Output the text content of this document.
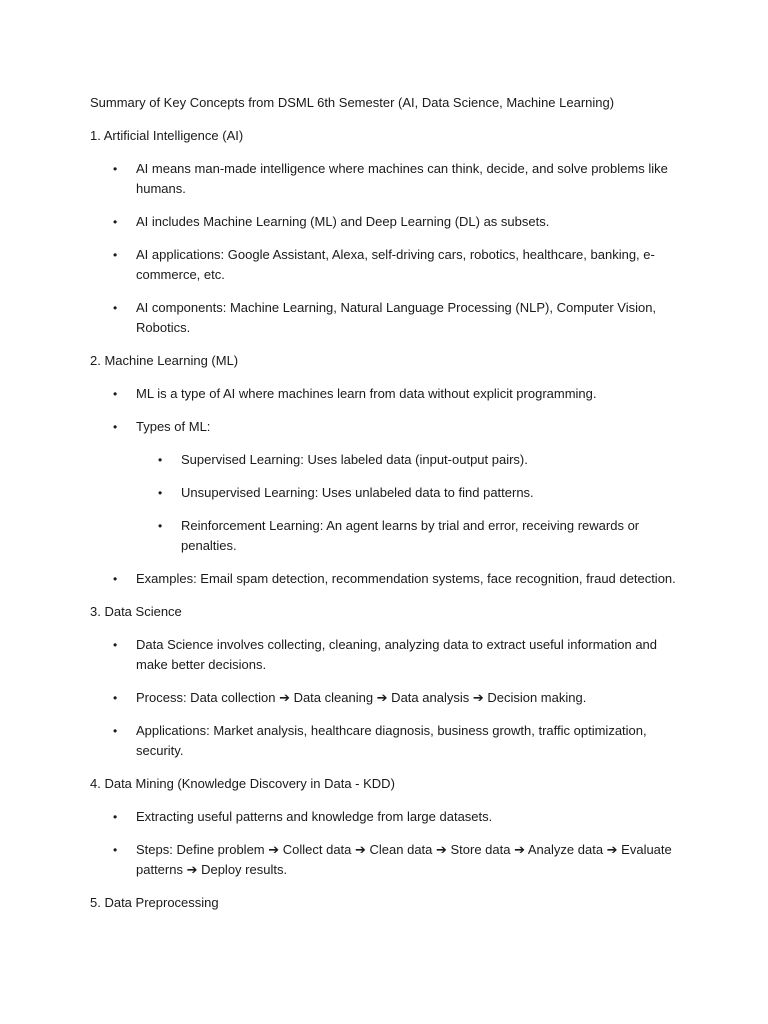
Summary of Key Concepts from DSML 6th Semester (AI, Data Science, Machine Learning)

1. Artificial Intelligence (AI)

• AI means man-made intelligence where machines can think, decide, and solve problems like humans.
• AI includes Machine Learning (ML) and Deep Learning (DL) as subsets.
• AI applications: Google Assistant, Alexa, self-driving cars, robotics, healthcare, banking, e-commerce, etc.
• AI components: Machine Learning, Natural Language Processing (NLP), Computer Vision, Robotics.

2. Machine Learning (ML)

• ML is a type of AI where machines learn from data without explicit programming.
• Types of ML:
• Supervised Learning: Uses labeled data (input-output pairs).
• Unsupervised Learning: Uses unlabeled data to find patterns.
• Reinforcement Learning: An agent learns by trial and error, receiving rewards or penalties.
• Examples: Email spam detection, recommendation systems, face recognition, fraud detection.

3. Data Science

• Data Science involves collecting, cleaning, analyzing data to extract useful information and make better decisions.
• Process: Data collection ➔ Data cleaning ➔ Data analysis ➔ Decision making.
• Applications: Market analysis, healthcare diagnosis, business growth, traffic optimization, security.

4. Data Mining (Knowledge Discovery in Data - KDD)

• Extracting useful patterns and knowledge from large datasets.
• Steps: Define problem ➔ Collect data ➔ Clean data ➔ Store data ➔ Analyze data ➔ Evaluate patterns ➔ Deploy results.

5. Data Preprocessing
